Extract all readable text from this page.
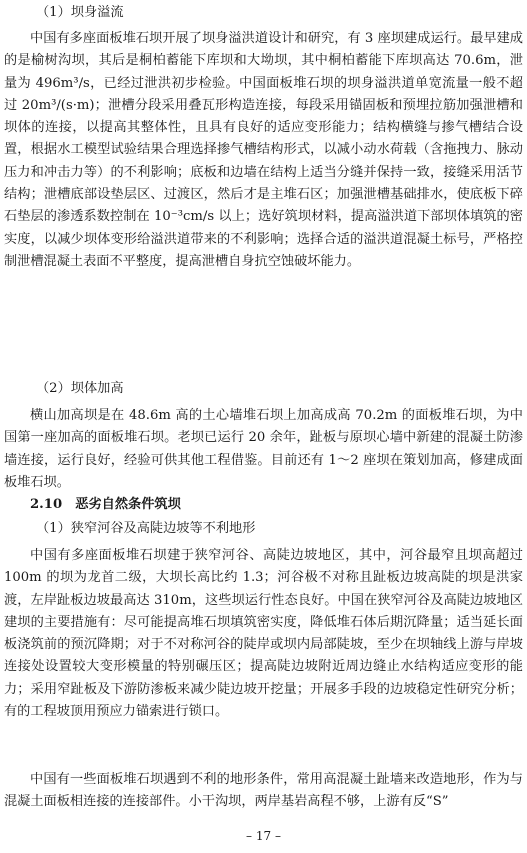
（1）坝身溢流

中国有多座面板堆石坝开展了坝身溢洪道设计和研究，有 3 座坝建成运行。最早建成的是榆树沟坝，其后是桐柏蓄能下库坝和大坳坝，其中桐柏蓄能下库坝高达 70.6m，泄量为 496m³/s，已经过泄洪初步检验。中国面板堆石坝的坝身溢洪道单宽流量一般不超过 20m³/(s·m)；泄槽分段采用叠瓦形构造连接，每段采用锚固板和预埋拉筋加强泄槽和坝体的连接，以提高其整体性，且具有良好的适应变形能力；结构横缝与掺气槽结合设置，根据水工模型试验结果合理选择掺气槽结构形式，以减小动水荷载（含拖拽力、脉动压力和冲击力等）的不利影响；底板和边墙在结构上适当分缝并保持一致，接缝采用活节结构；泄槽底部设垫层区、过渡区，然后才是主堆石区；加强泄槽基础排水，使底板下碎石垫层的渗透系数控制在 10⁻³cm/s 以上；选好筑坝材料，提高溢洪道下部坝体填筑的密实度，以减少坝体变形给溢洪道带来的不利影响；选择合适的溢洪道混凝土标号，严格控制泄槽混凝土表面不平整度，提高泄槽自身抗空蚀破坏能力。

（2）坝体加高

横山加高坝是在 48.6m 高的土心墙堆石坝上加高成高 70.2m 的面板堆石坝，为中国第一座加高的面板堆石坝。老坝已运行 20 余年，趾板与原坝心墙中新建的混凝土防渗墙连接，运行良好，经验可供其他工程借鉴。目前还有 1～2 座坝在策划加高，修建成面板堆石坝。

2.10　恶劣自然条件筑坝
（1）狭窄河谷及高陡边坡等不利地形

中国有多座面板堆石坝建于狭窄河谷、高陡边坡地区，其中，河谷最窄且坝高超过 100m 的坝为龙首二级，大坝长高比约 1.3；河谷极不对称且趾板边坡高陡的坝是洪家渡，左岸趾板边坡最高达 310m，这些坝运行性态良好。中国在狭窄河谷及高陡边坡地区建坝的主要措施有：尽可能提高堆石坝填筑密实度，降低堆石体后期沉降量；适当延长面板浇筑前的预沉降期；对于不对称河谷的陡岸或坝内局部陡坡，至少在坝轴线上游与岸坡连接处设置较大变形模量的特别碾压区；提高陡边坡附近周边缝止水结构适应变形的能力；采用窄趾板及下游防渗板来减少陡边坡开挖量；开展多手段的边坡稳定性研究分析；有的工程坡顶用预应力锚索进行锁口。

中国有一些面板堆石坝遇到不利的地形条件，常用高混凝土趾墙来改造地形，作为与混凝土面板相连接的连接部件。小干沟坝，两岸基岩高程不够，上游有反“S”

– 17 –
